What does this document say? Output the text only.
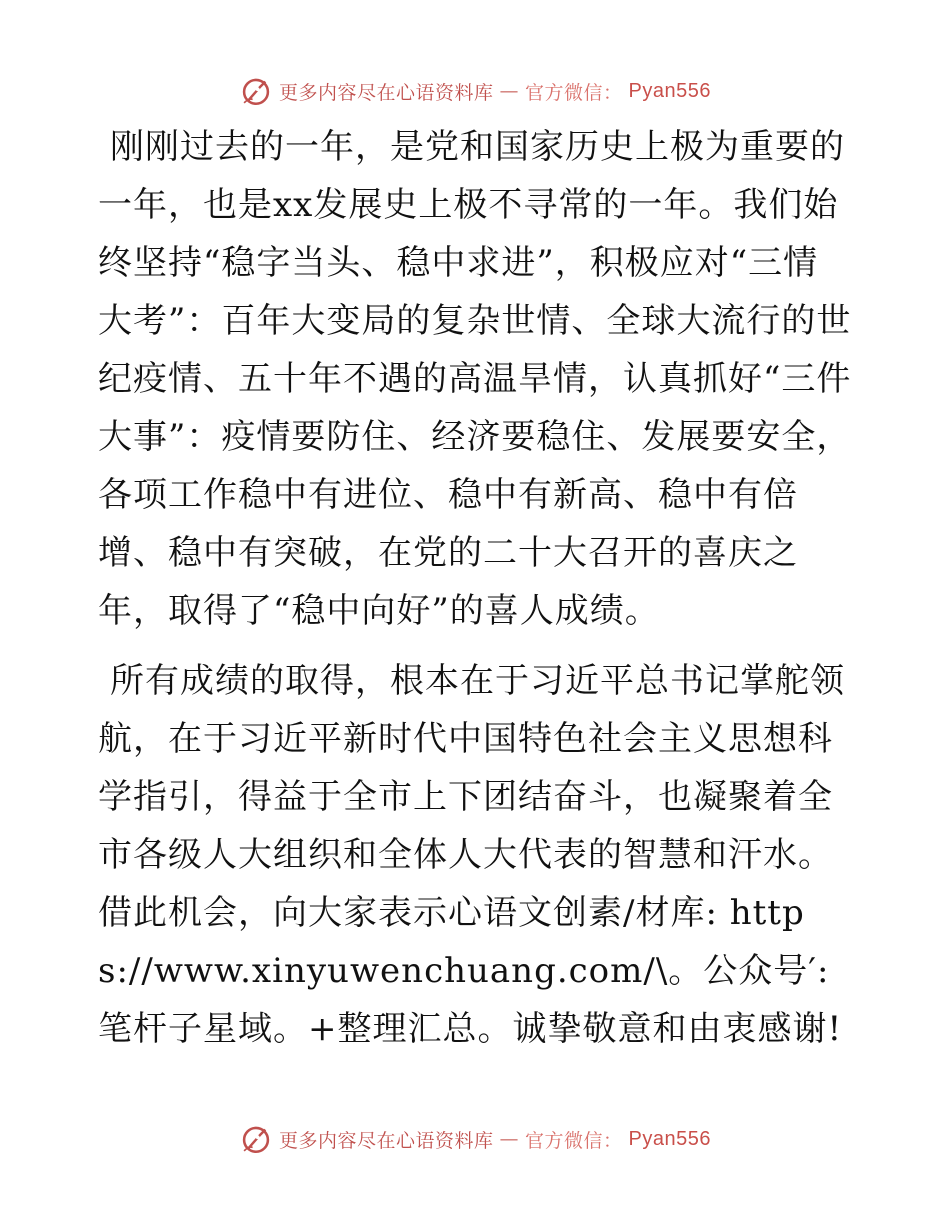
更多内容尽在心语资料库 — 官方微信： Pyan556

刚刚过去的一年，是党和国家历史上极为重要的一年，也是xx发展史上极不寻常的一年。我们始终坚持“稳字当头、稳中求进”，积极应对“三情大考”：百年大变局的复杂世情、全球大流行的世纪疫情、五十年不遇的高温旱情，认真抓好“三件大事”：疫情要防住、经济要稳住、发展要安全，各项工作稳中有进位、稳中有新高、稳中有倍增、稳中有突破，在党的二十大召开的喜庆之年，取得了“稳中向好”的喜人成绩。

所有成绩的取得，根本在于习近平总书记掌舵领航，在于习近平新时代中国特色社会主义思想科学指引，得益于全市上下团结奋斗，也凝聚着全市各级人大组织和全体人大代表的智慧和汗水。借此机会，向大家表示心语文创素/材库: https://www.xinyuwenchuang.com/\。公众号′: 笔杆子星域。+整理汇总。诚挚敬意和由衷感谢!

更多内容尽在心语资料库 — 官方微信： Pyan556
